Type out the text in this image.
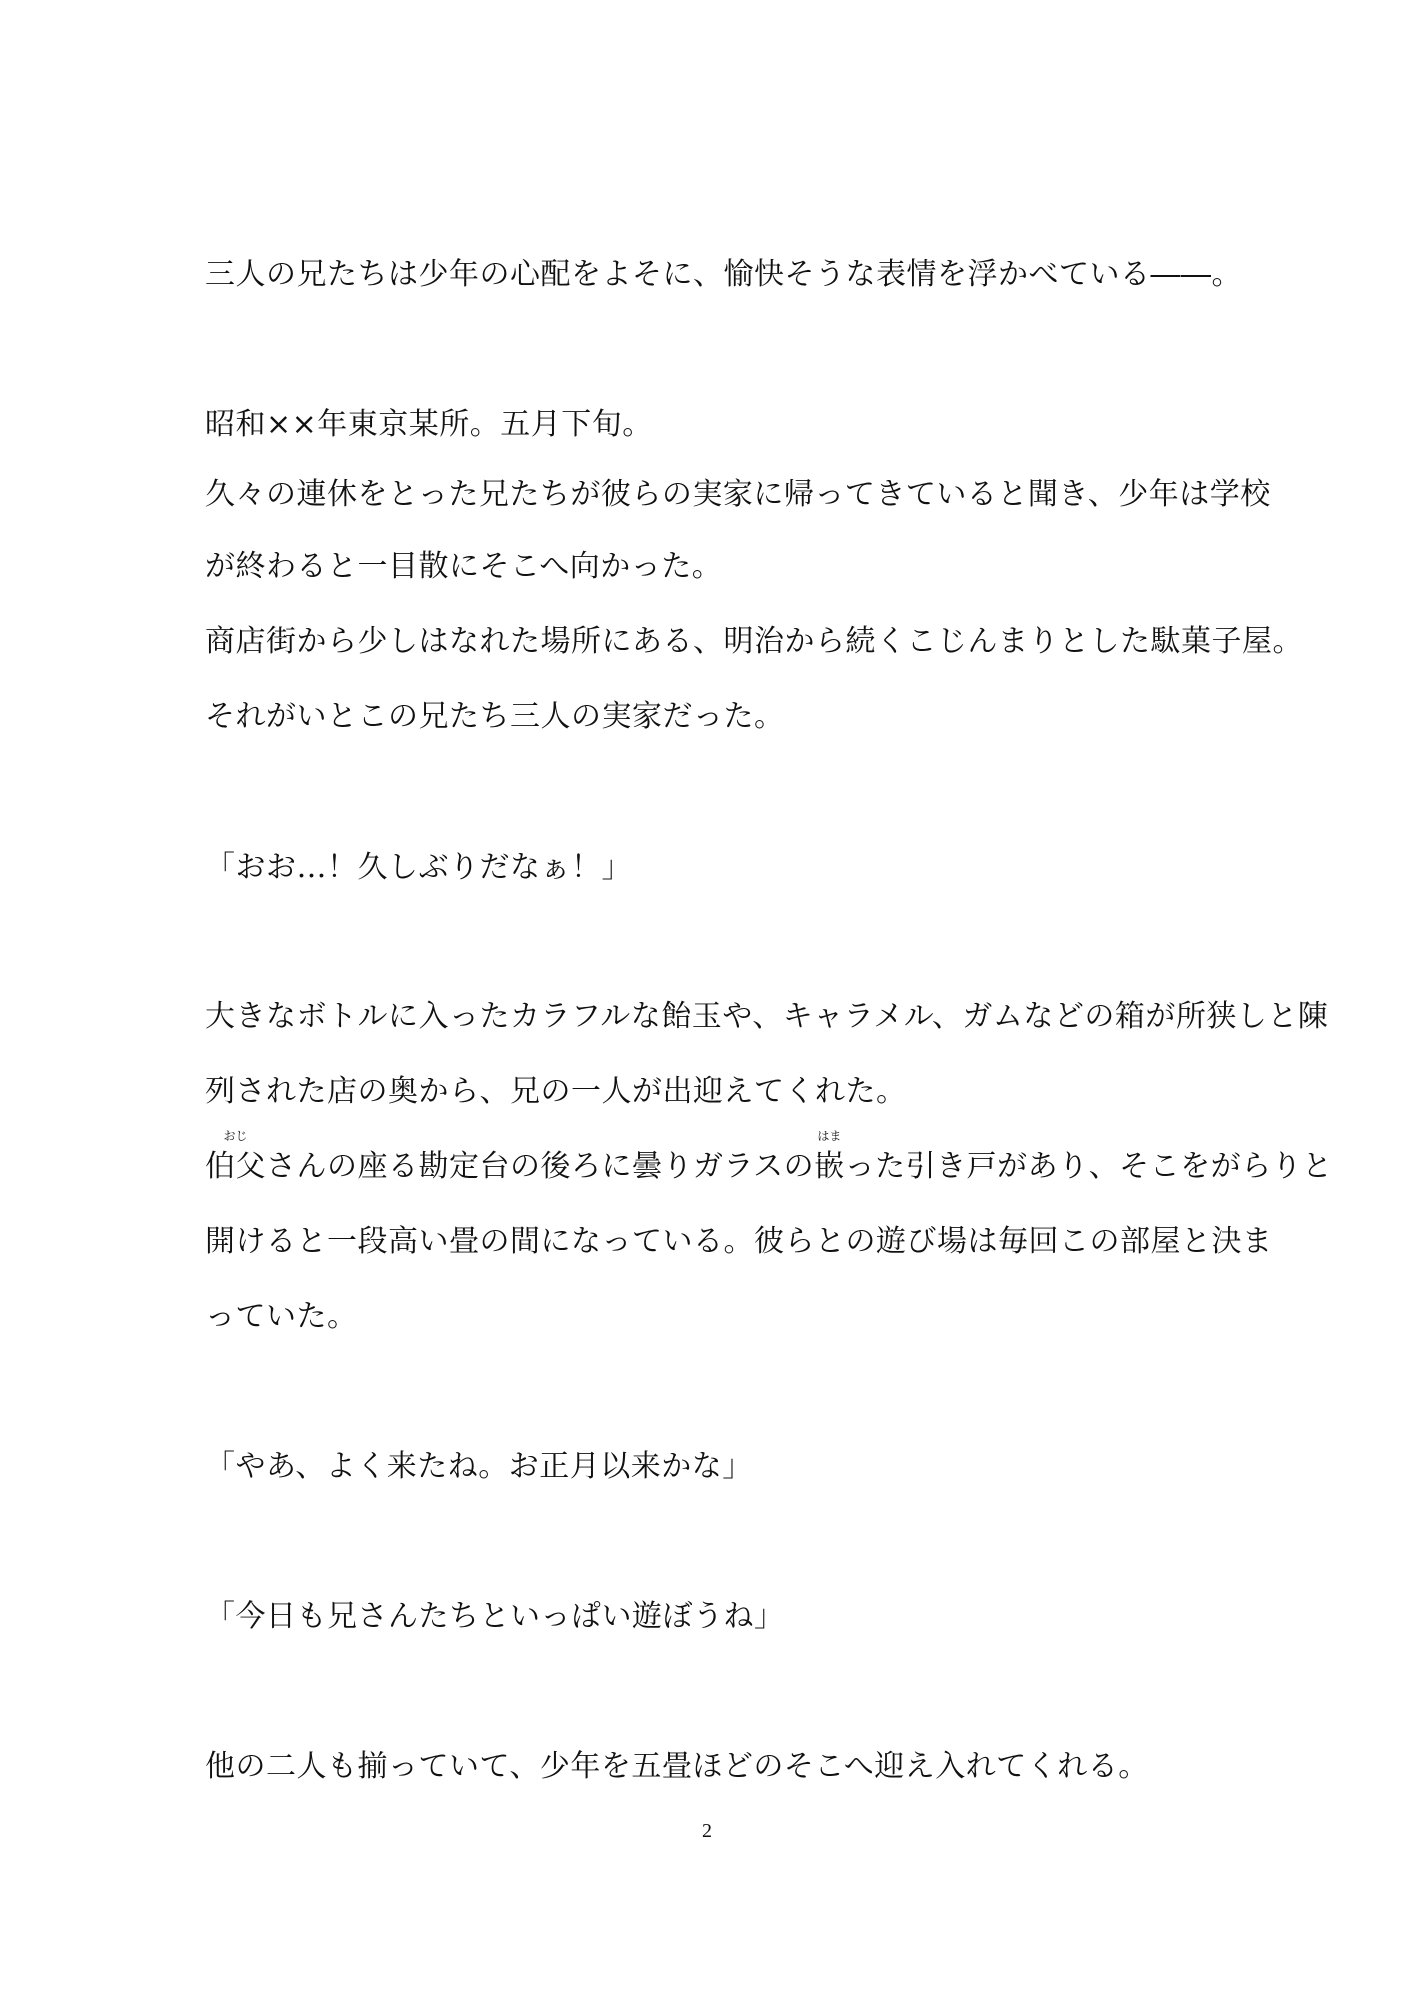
三人の兄たちは少年の心配をよそに、愉快そうな表情を浮かべている――。
昭和××年東京某所。五月下旬。
久々の連休をとった兄たちが彼らの実家に帰ってきていると聞き、少年は学校
が終わると一目散にそこへ向かった。
商店街から少しはなれた場所にある、明治から続くこじんまりとした駄菓子屋。
それがいとこの兄たち三人の実家だった。
「おお…！久しぶりだなぁ！」
大きなボトルに入ったカラフルな飴玉や、キャラメル、ガムなどの箱が所狭しと陳
列された店の奥から、兄の一人が出迎えてくれた。
おじ
伯父さんの座る勘定台の後ろに曇りガラスの
はま
嵌った引き戸があり、そこをがらりと
開けると一段高い畳の間になっている。彼らとの遊び場は毎回この部屋と決ま
っていた。
「やあ、よく来たね。お正月以来かな」
「今日も兄さんたちといっぱい遊ぼうね」
他の二人も揃っていて、少年を五畳ほどのそこへ迎え入れてくれる。
2
